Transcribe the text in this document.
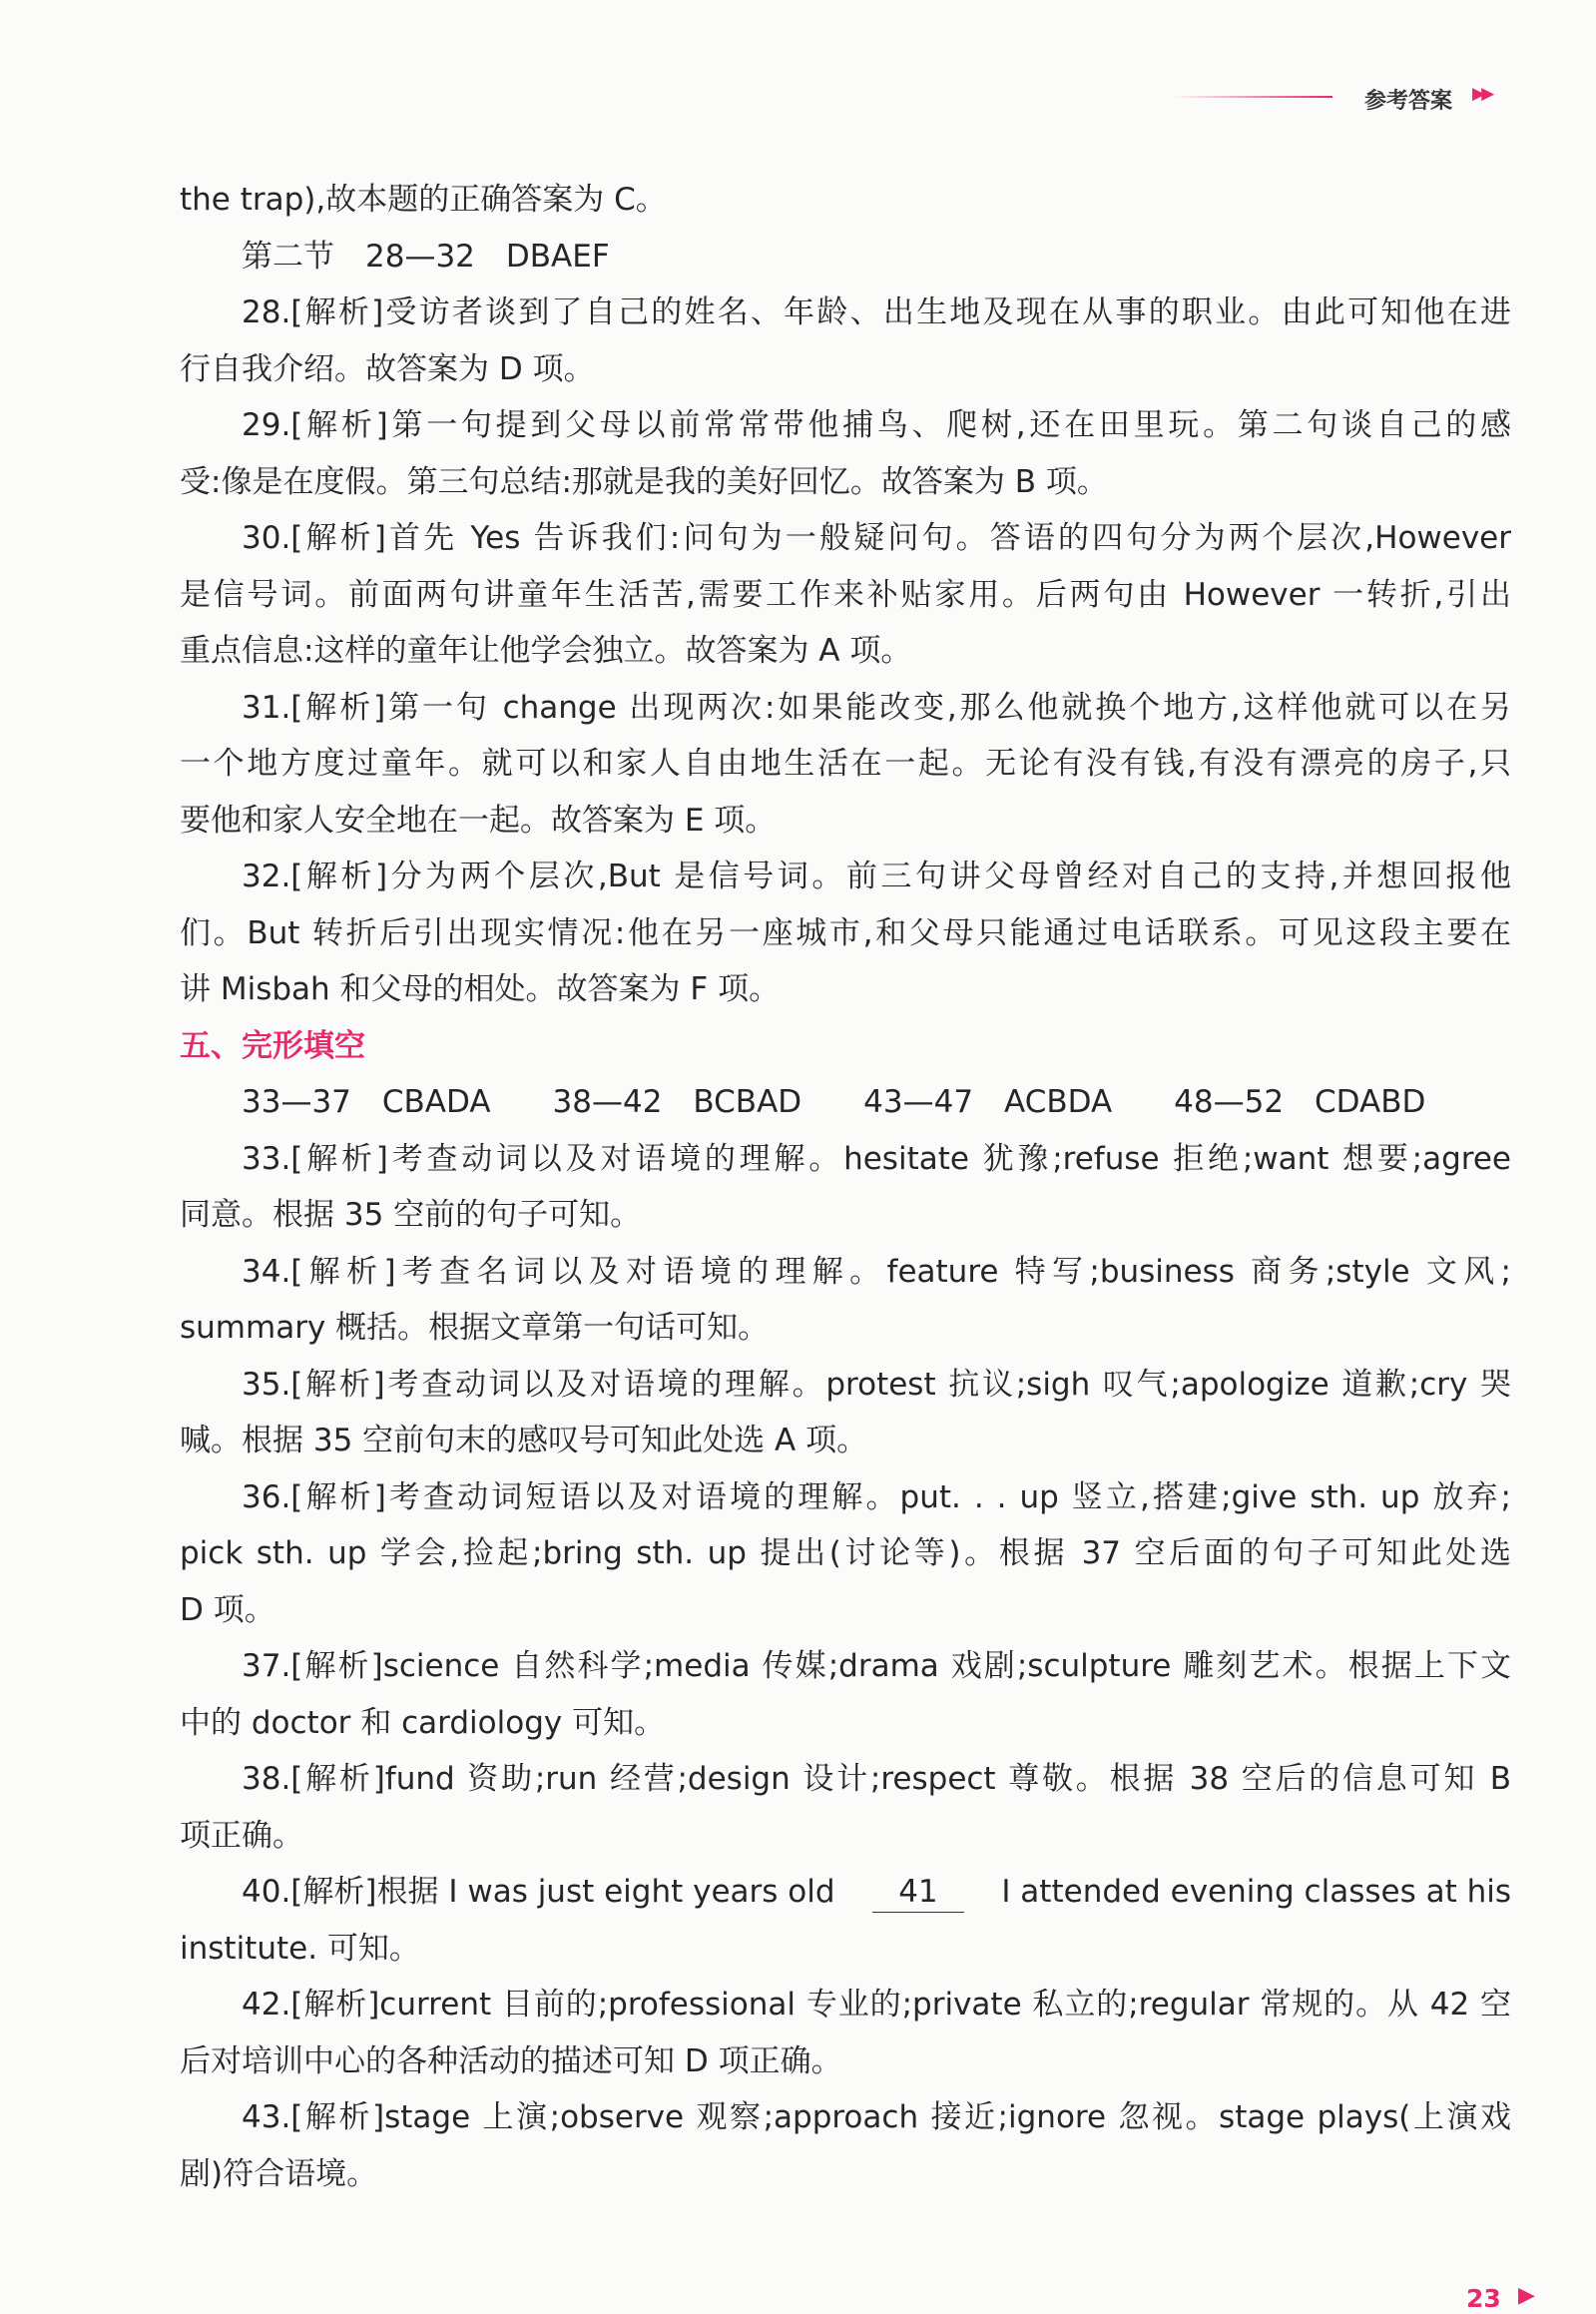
参考答案 ▶▶
the trap),故本题的正确答案为 C。
第二节　28—32　DBAEF
28.[解析]受访者谈到了自己的姓名、年龄、出生地及现在从事的职业。由此可知他在进
行自我介绍。故答案为 D 项。
29.[解析]第一句提到父母以前常常带他捕鸟、爬树,还在田里玩。第二句谈自己的感
受:像是在度假。第三句总结:那就是我的美好回忆。故答案为 B 项。
30.[解析]首先 Yes 告诉我们:问句为一般疑问句。答语的四句分为两个层次,However
是信号词。前面两句讲童年生活苦,需要工作来补贴家用。后两句由 However 一转折,引出
重点信息:这样的童年让他学会独立。故答案为 A 项。
31.[解析]第一句 change 出现两次:如果能改变,那么他就换个地方,这样他就可以在另
一个地方度过童年。就可以和家人自由地生活在一起。无论有没有钱,有没有漂亮的房子,只
要他和家人安全地在一起。故答案为 E 项。
32.[解析]分为两个层次,But 是信号词。前三句讲父母曾经对自己的支持,并想回报他
们。But 转折后引出现实情况:他在另一座城市,和父母只能通过电话联系。可见这段主要在
讲 Misbah 和父母的相处。故答案为 F 项。
五、完形填空
33—37　CBADA　　38—42　BCBAD　　43—47　ACBDA　　48—52　CDABD
33.[解析]考查动词以及对语境的理解。hesitate 犹豫;refuse 拒绝;want 想要;agree
同意。根据 35 空前的句子可知。
34.[解析]考查名词以及对语境的理解。feature 特写;business 商务;style 文风;
summary 概括。根据文章第一句话可知。
35.[解析]考查动词以及对语境的理解。protest 抗议;sigh 叹气;apologize 道歉;cry 哭
喊。根据 35 空前句末的感叹号可知此处选 A 项。
36.[解析]考查动词短语以及对语境的理解。put. . . up 竖立,搭建;give sth. up 放弃;
pick sth. up 学会,捡起;bring sth. up 提出(讨论等)。根据 37 空后面的句子可知此处选
D 项。
37.[解析]science 自然科学;media 传媒;drama 戏剧;sculpture 雕刻艺术。根据上下文
中的 doctor 和 cardiology 可知。
38.[解析]fund 资助;run 经营;design 设计;respect 尊敬。根据 38 空后的信息可知 B
项正确。
40.[解析]根据 I was just eight years old	41	I attended evening classes at his
institute. 可知。
42.[解析]current 目前的;professional 专业的;private 私立的;regular 常规的。从 42 空
后对培训中心的各种活动的描述可知 D 项正确。
43.[解析]stage 上演;observe 观察;approach 接近;ignore 忽视。stage plays(上演戏
剧)符合语境。
23 ▶
